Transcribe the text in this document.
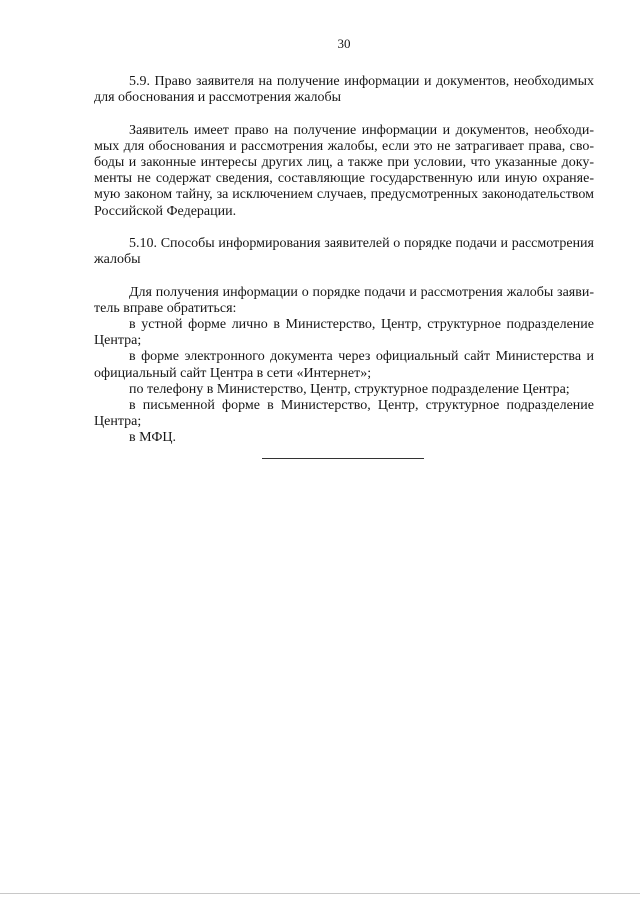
30
5.9. Право заявителя на получение информации и документов, необходимых
для обоснования и рассмотрения жалобы
Заявитель имеет право на получение информации и документов, необходи-
мых для обоснования и рассмотрения жалобы, если это не затрагивает права, сво-
боды и законные интересы других лиц, а также при условии, что указанные доку-
менты не содержат сведения, составляющие государственную или иную охраняе-
мую законом тайну, за исключением случаев, предусмотренных законодательством
Российской Федерации.
5.10. Способы информирования заявителей о порядке подачи и рассмотрения
жалобы
Для получения информации о порядке подачи и рассмотрения жалобы заяви-
тель вправе обратиться:
в устной форме лично в Министерство, Центр, структурное подразделение
Центра;
в форме электронного документа через официальный сайт Министерства и
официальный сайт Центра в сети «Интернет»;
по телефону в Министерство, Центр, структурное подразделение Центра;
в письменной форме в Министерство, Центр, структурное подразделение
Центра;
в МФЦ.
